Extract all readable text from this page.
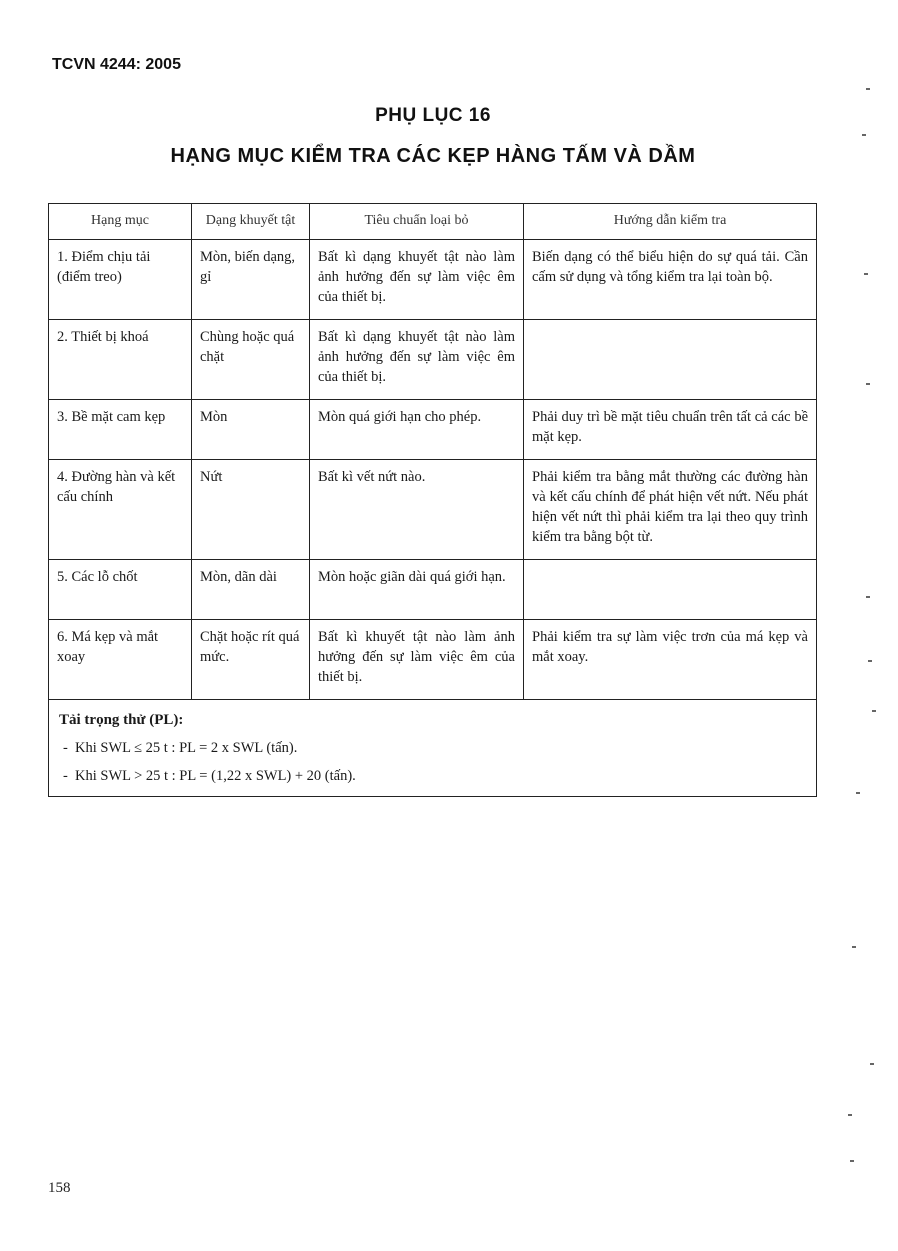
TCVN 4244: 2005
PHỤ LỤC 16
HẠNG MỤC KIỂM TRA CÁC KẸP HÀNG TẤM VÀ DẦM
Hạng mục	Dạng khuyết tật	Tiêu chuẩn loại bỏ	Hướng dẫn kiểm tra
1. Điểm chịu tải (điểm treo)	Mòn, biến dạng, gỉ	Bất kì dạng khuyết tật nào làm ảnh hưởng đến sự làm việc êm của thiết bị.	Biến dạng có thể biểu hiện do sự quá tải. Cần cấm sử dụng và tổng kiểm tra lại toàn bộ.
2. Thiết bị khoá	Chùng hoặc quá chặt	Bất kì dạng khuyết tật nào làm ảnh hưởng đến sự làm việc êm của thiết bị.	
3. Bề mặt cam kẹp	Mòn	Mòn quá giới hạn cho phép.	Phải duy trì bề mặt tiêu chuẩn trên tất cả các bề mặt kẹp.
4. Đường hàn và kết cấu chính	Nứt	Bất kì vết nứt nào.	Phải kiểm tra bằng mắt thường các đường hàn và kết cấu chính để phát hiện vết nứt. Nếu phát hiện vết nứt thì phải kiểm tra lại theo quy trình kiểm tra bằng bột từ.
5. Các lỗ chốt	Mòn, dãn dài	Mòn hoặc giãn dài quá giới hạn.	
6. Má kẹp và mắt xoay	Chặt hoặc rít quá mức.	Bất kì khuyết tật nào làm ảnh hưởng đến sự làm việc êm của thiết bị.	Phải kiểm tra sự làm việc trơn của má kẹp và mắt xoay.

Tải trọng thử (PL):
- Khi SWL ≤ 25 t : PL = 2 x SWL (tấn).
- Khi SWL > 25 t : PL = (1,22 x SWL) + 20 (tấn).			
158
